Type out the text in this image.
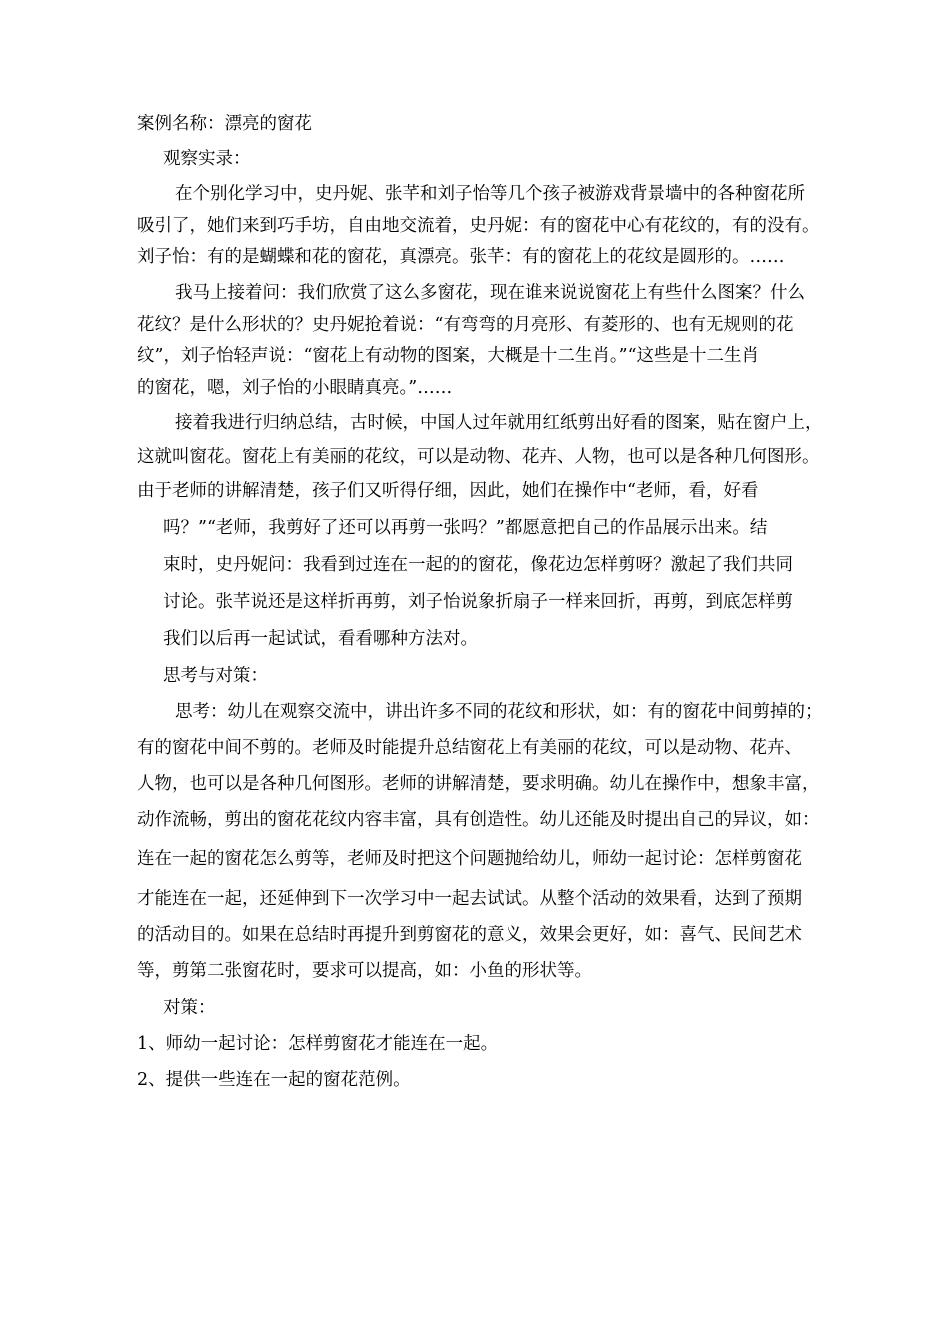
案例名称：漂亮的窗花
观察实录：
在个别化学习中，史丹妮、张芊和刘子怡等几个孩子被游戏背景墙中的各种窗花所
吸引了，她们来到巧手坊，自由地交流着，史丹妮：有的窗花中心有花纹的，有的没有。
刘子怡：有的是蝴蝶和花的窗花，真漂亮。张芊：有的窗花上的花纹是圆形的。……
我马上接着问：我们欣赏了这么多窗花，现在谁来说说窗花上有些什么图案？什么
花纹？是什么形状的？史丹妮抢着说：“有弯弯的月亮形、有菱形的、也有无规则的花
纹”，刘子怡轻声说：“窗花上有动物的图案，大概是十二生肖。”“这些是十二生肖
的窗花，嗯，刘子怡的小眼睛真亮。”……
接着我进行归纳总结，古时候，中国人过年就用红纸剪出好看的图案，贴在窗户上，
这就叫窗花。窗花上有美丽的花纹，可以是动物、花卉、人物，也可以是各种几何图形。
由于老师的讲解清楚，孩子们又听得仔细，因此，她们在操作中“老师，看，好看
吗？”“老师，我剪好了还可以再剪一张吗？”都愿意把自己的作品展示出来。结
束时，史丹妮问：我看到过连在一起的的窗花，像花边怎样剪呀？激起了我们共同
讨论。张芊说还是这样折再剪，刘子怡说象折扇子一样来回折，再剪，到底怎样剪
我们以后再一起试试，看看哪种方法对。
思考与对策：
思考：幼儿在观察交流中，讲出许多不同的花纹和形状，如：有的窗花中间剪掉的；
有的窗花中间不剪的。老师及时能提升总结窗花上有美丽的花纹，可以是动物、花卉、
人物，也可以是各种几何图形。老师的讲解清楚，要求明确。幼儿在操作中，想象丰富，
动作流畅，剪出的窗花花纹内容丰富，具有创造性。幼儿还能及时提出自己的异议，如：
连在一起的窗花怎么剪等，老师及时把这个问题抛给幼儿，师幼一起讨论：怎样剪窗花
才能连在一起，还延伸到下一次学习中一起去试试。从整个活动的效果看，达到了预期
的活动目的。如果在总结时再提升到剪窗花的意义，效果会更好，如：喜气、民间艺术
等，剪第二张窗花时，要求可以提高，如：小鱼的形状等。
对策：
1、师幼一起讨论：怎样剪窗花才能连在一起。
2、提供一些连在一起的窗花范例。
